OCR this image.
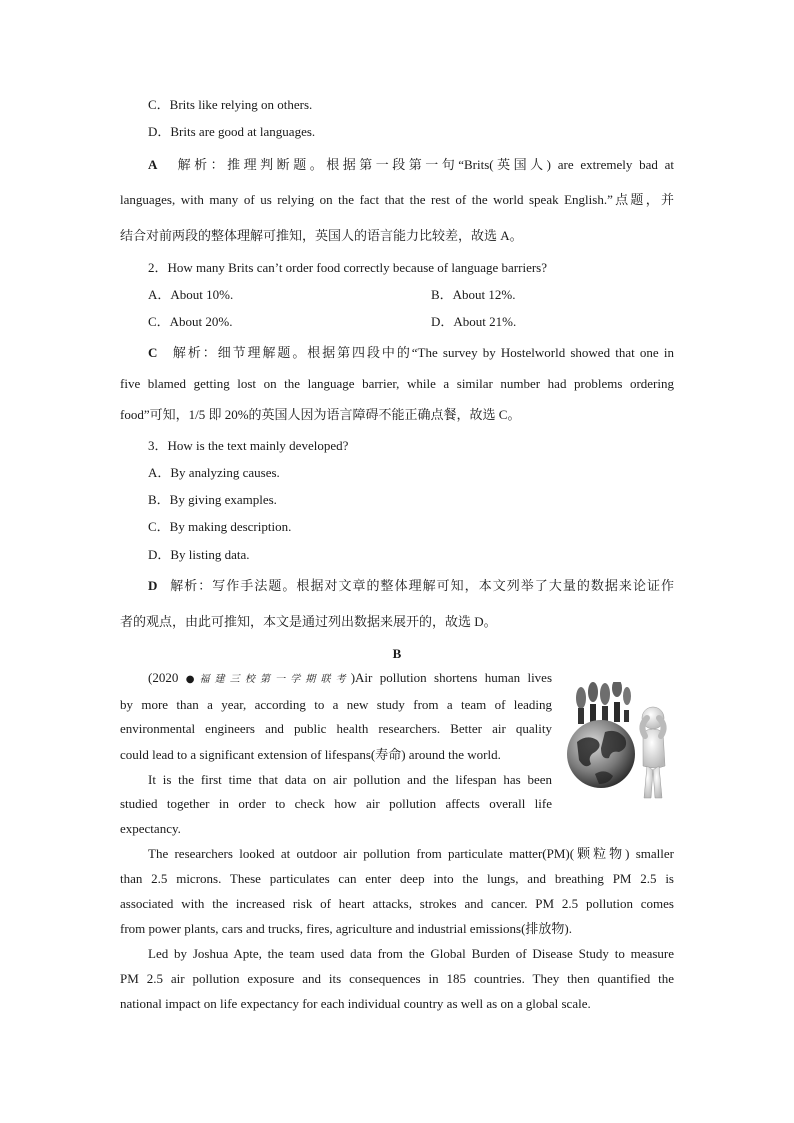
C．Brits like relying on others.
D．Brits are good at languages.
A 解析：推理判断题。根据第一段第一句“Brits(英国人) are extremely bad at
languages, with many of us relying on the fact that the rest of the world speak English.”点题，并
结合对前两段的整体理解可推知，英国人的语言能力比较差，故选 A。
2．How many Brits can’t order food correctly because of language barriers?
A．About 10%.	B．About 12%.
C．About 20%.	D．About 21%.
C 解析：细节理解题。根据第四段中的“The survey by Hostelworld showed that one in
five blamed getting lost on the language barrier, while a similar number had problems ordering
food”可知，1/5 即 20%的英国人因为语言障碍不能正确点餐，故选 C。
3．How is the text mainly developed?
A．By analyzing causes.
B．By giving examples.
C．By making description.
D．By listing data.
D 解析：写作手法题。根据对文章的整体理解可知，本文列举了大量的数据来论证作
者的观点，由此可推知，本文是通过列出数据来展开的，故选 D。
B
(2020 ●福建三校第一学期联考)Air pollution shortens human lives
by more than a year, according to a new study from a team of leading
environmental engineers and public health researchers. Better air quality
could lead to a significant extension of lifespans(寿命) around the world.
It is the first time that data on air pollution and the lifespan has been
studied together in order to check how air pollution affects overall life
expectancy.
The researchers looked at outdoor air pollution from particulate matter(PM)(颗粒物) smaller
than 2.5 microns. These particulates can enter deep into the lungs, and breathing PM 2.5 is
associated with the increased risk of heart attacks, strokes and cancer. PM 2.5 pollution comes
from power plants, cars and trucks, fires, agriculture and industrial emissions(排放物).
Led by Joshua Apte, the team used data from the Global Burden of Disease Study to measure
PM 2.5 air pollution exposure and its consequences in 185 countries. They then quantified the
national impact on life expectancy for each individual country as well as on a global scale.
